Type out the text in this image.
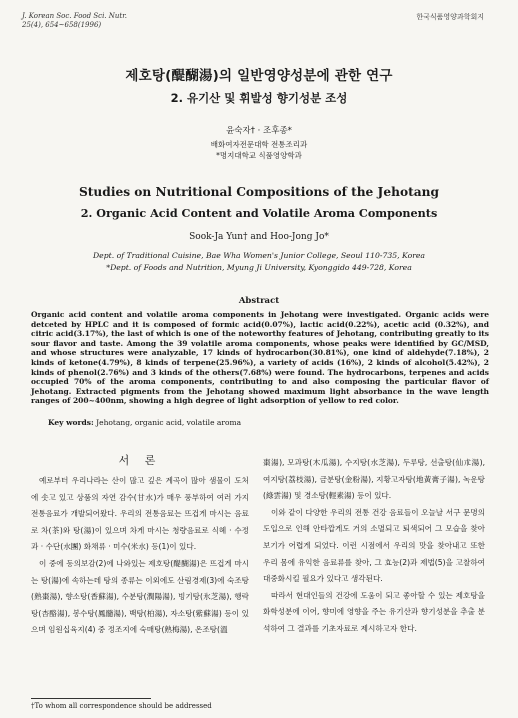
J. Korean Soc. Food Sci. Nutr.
25(4), 654~658(1996)
한국식품영양과학회지
제호탕(醍醐湯)의 일반영양성분에 관한 연구
2. 유기산 및 휘발성 향기성분 조성
윤숙자† · 조후종*
배화여자전문대학 전통조리과
*명지대학교 식품영양학과
Studies on Nutritional Compositions of the Jehotang
2. Organic Acid Content and Volatile Aroma Components
Sook-Ja Yun† and Hoo-Jong Jo*
Dept. of Traditional Cuisine, Bae Wha Women's Junior College, Seoul 110-735, Korea
*Dept. of Foods and Nutrition, Myung Ji University, Kyonggido 449-728, Korea
Abstract
Organic acid content and volatile aroma components in Jehotang were investigated. Organic acids were detceted by HPLC and it is composed of formic acid(0.07%), lactic acid(0.22%), acetic acid (0.32%), and citric acid(3.17%), the last of which is one of the noteworthy features of Jehotang, contributing greatly to its sour flavor and taste. Among the 39 volatile aroma components, whose peaks were identified by GC/MSD, and whose structures were analyzable, 17 kinds of hydrocarbon(30.81%), one kind of aldehyde(7.18%), 2 kinds of ketone(4.79%), 8 kinds of terpene(25.96%), a variety of acids (16%), 2 kinds of alcohol(5.42%), 2 kinds of phenol(2.76%) and 3 kinds of the others(7.68%) were found. The hydrocarbons, terpenes and acids occupied 70% of the aroma components, contributing to and also composing the particular flavor of Jehotang. Extracted pigments from the Jehotang showed maximum light absorbance in the wave length ranges of 200~400nm, showing a high degree of light adsorption of yellow to red color.
Key words: Jehotang, organic acid, volatile aroma
서 론

예로부터 우리나라는 산이 많고 깊은 계곡이 많아 샘물이 도처에 솟고 있고 상품의 자연 감수(甘水)가 매우 풍부하여 여러 가지 전통음료가 개발되어왔다. 우리의 전통음료는 뜨겁게 마시는 음료로 차(茶)와 탕(湯)이 있으며 차게 마시는 청량음료로 식혜 · 수정과 · 수단(水團) 화채류 · 미수(米水) 등(1)이 있다.

이 중에 동의보감(2)에 나와있는 제호탕(醍醐湯)은 뜨겁게 마시는 탕(湯)에 속하는데 탕의 종류는 이외에도 산림경제(3)에 숙조탕(熟棗湯), 향소탕(香蘇湯), 수분탕(潤陽湯), 빙기탕(氷芝湯), 행락탕(杏酪湯), 봉수탕(鳳髓湯), 백탕(柏湯), 자소탕(紫蘇湯) 등이 있으며 임원십육지(4) 중 정조지에 숙매탕(熟梅湯), 온조탕(溫

棗湯), 모과탕(木瓜湯), 수지탕(水芝湯), 두루탕, 선출탕(仙朮湯), 여지탕(荔枝湯), 금분탕(金粉湯), 지황고자탕(地黃膏子湯), 녹운탕(綠雲湯) 및 경소탕(輕素湯) 등이 있다.

이와 같이 다양한 우리의 전통 건강 음료들이 오늘날 서구 문명의 도입으로 인해 안타깝게도 거의 소멸되고 퇴색되어 그 모습을 찾아보기가 어렵게 되었다. 이런 시점에서 우리의 맛을 찾아내고 또한 우리 몸에 유익한 음료류를 찾아, 그 효능(2)과 제법(5)을 고찰하여 대중화시킬 필요가 있다고 생각된다.

따라서 현대인들의 건강에 도움이 되고 좋아할 수 있는 제호탕을 화학성분에 이어, 향미에 영향을 주는 유기산과 향기성분을 추출 분석하여 그 결과를 기초자료로 제시하고자 한다.

†To whom all correspondence should be addressed
